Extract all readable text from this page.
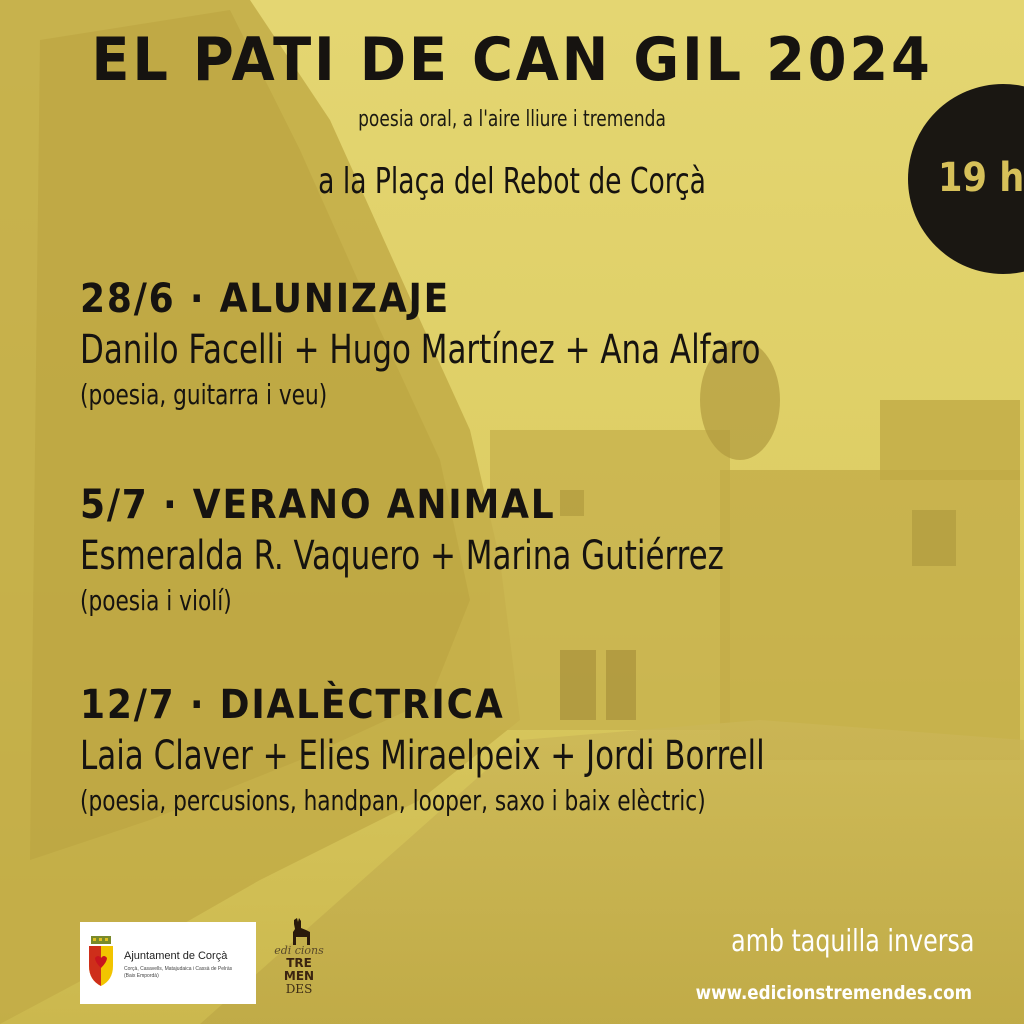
EL PATI DE CAN GIL 2024
poesia oral, a l'aire lliure i tremenda
a la Plaça del Rebot de Corçà	19 h
28/6 · ALUNIZAJE
Danilo Facelli + Hugo Martínez + Ana Alfaro
(poesia, guitarra i veu)
5/7 · VERANO ANIMAL
Esmeralda R. Vaquero + Marina Gutiérrez
(poesia i violí)
12/7 · DIALÈCTRICA
Laia Claver + Elies Miraelpeix + Jordi Borrell
(poesia, percusions, handpan, looper, saxo i baix elèctric)
Ajuntament de Corçà
Corçà, Casavells, Matajudaica i Cassà de Pelràs
(Baix Empordà)
edi cions
TRE MEN
DES
amb taquilla inversa
www.edicionstremendes.com
